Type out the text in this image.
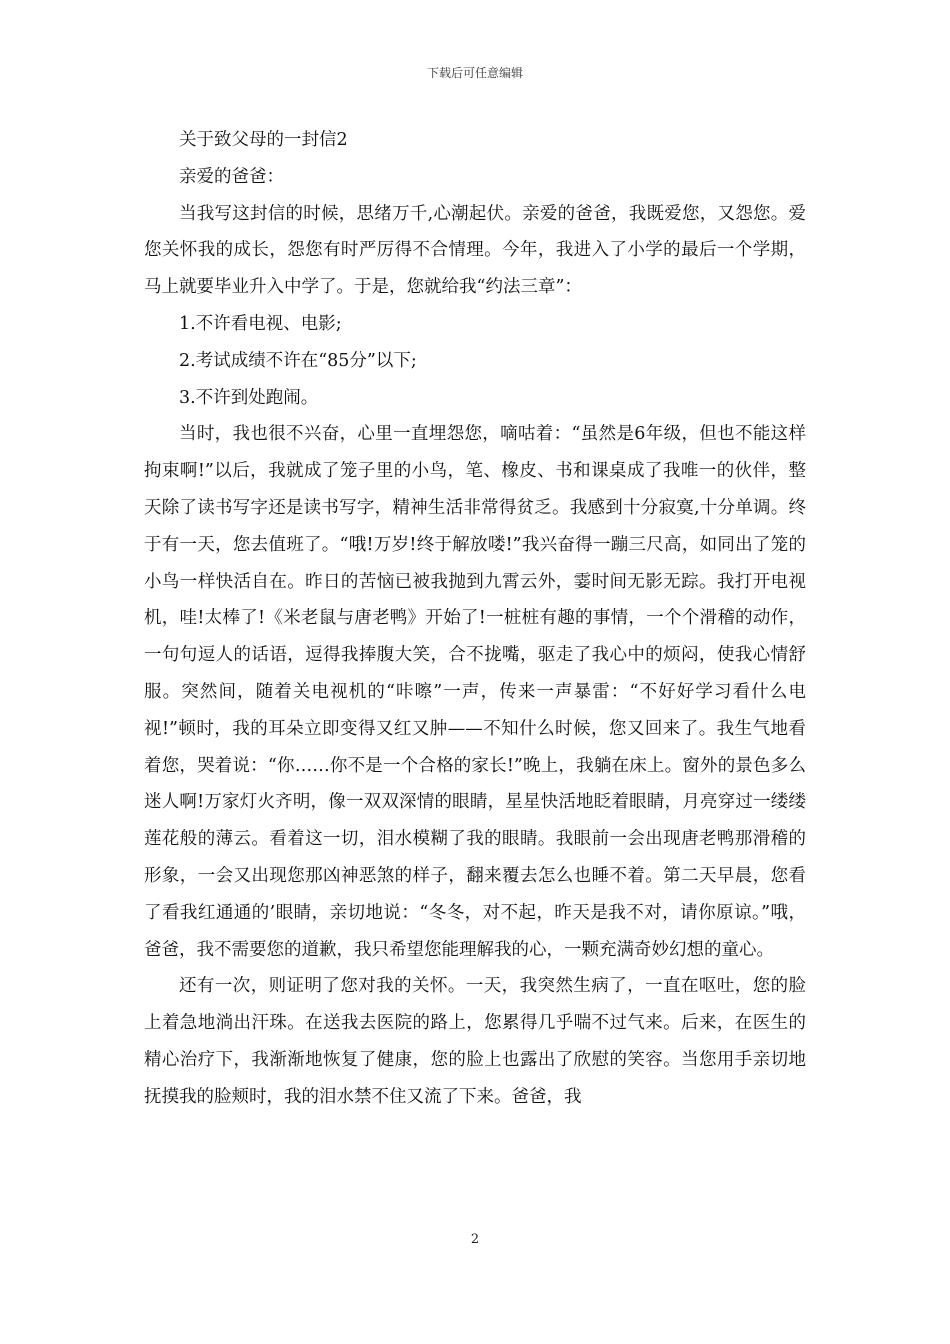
下载后可任意编辑

关于致父母的一封信2

亲爱的爸爸：

当我写这封信的时候，思绪万千,心潮起伏。亲爱的爸爸，我既爱您，又怨您。爱您关怀我的成长，怨您有时严厉得不合情理。今年，我进入了小学的最后一个学期，马上就要毕业升入中学了。于是，您就给我“约法三章”：

1.不许看电视、电影;

2.考试成绩不许在“85分”以下;

3.不许到处跑闹。

当时，我也很不兴奋，心里一直埋怨您，嘀咕着：“虽然是6年级，但也不能这样拘束啊!”以后，我就成了笼子里的小鸟，笔、橡皮、书和课桌成了我唯一的伙伴，整天除了读书写字还是读书写字，精神生活非常得贫乏。我感到十分寂寞,十分单调。终于有一天，您去值班了。“哦!万岁!终于解放喽!”我兴奋得一蹦三尺高，如同出了笼的小鸟一样快活自在。昨日的苦恼已被我抛到九霄云外，霎时间无影无踪。我打开电视机，哇!太棒了!《米老鼠与唐老鸭》开始了!一桩桩有趣的事情，一个个滑稽的动作，一句句逗人的话语，逗得我捧腹大笑，合不拢嘴，驱走了我心中的烦闷，使我心情舒服。突然间，随着关电视机的“咔嚓”一声，传来一声暴雷：“不好好学习看什么电视!”顿时，我的耳朵立即变得又红又肿——不知什么时候，您又回来了。我生气地看着您，哭着说：“你……你不是一个合格的家长!”晚上，我躺在床上。窗外的景色多么迷人啊!万家灯火齐明，像一双双深情的眼睛，星星快活地眨着眼睛，月亮穿过一缕缕莲花般的薄云。看着这一切，泪水模糊了我的眼睛。我眼前一会出现唐老鸭那滑稽的形象，一会又出现您那凶神恶煞的样子，翻来覆去怎么也睡不着。第二天早晨，您看了看我红通通的’眼睛，亲切地说：“冬冬，对不起，昨天是我不对，请你原谅。”哦，爸爸，我不需要您的道歉，我只希望您能理解我的心，一颗充满奇妙幻想的童心。

还有一次，则证明了您对我的关怀。一天，我突然生病了，一直在呕吐，您的脸上着急地淌出汗珠。在送我去医院的路上，您累得几乎喘不过气来。后来，在医生的精心治疗下，我渐渐地恢复了健康，您的脸上也露出了欣慰的笑容。当您用手亲切地抚摸我的脸颊时，我的泪水禁不住又流了下来。爸爸，我

2
